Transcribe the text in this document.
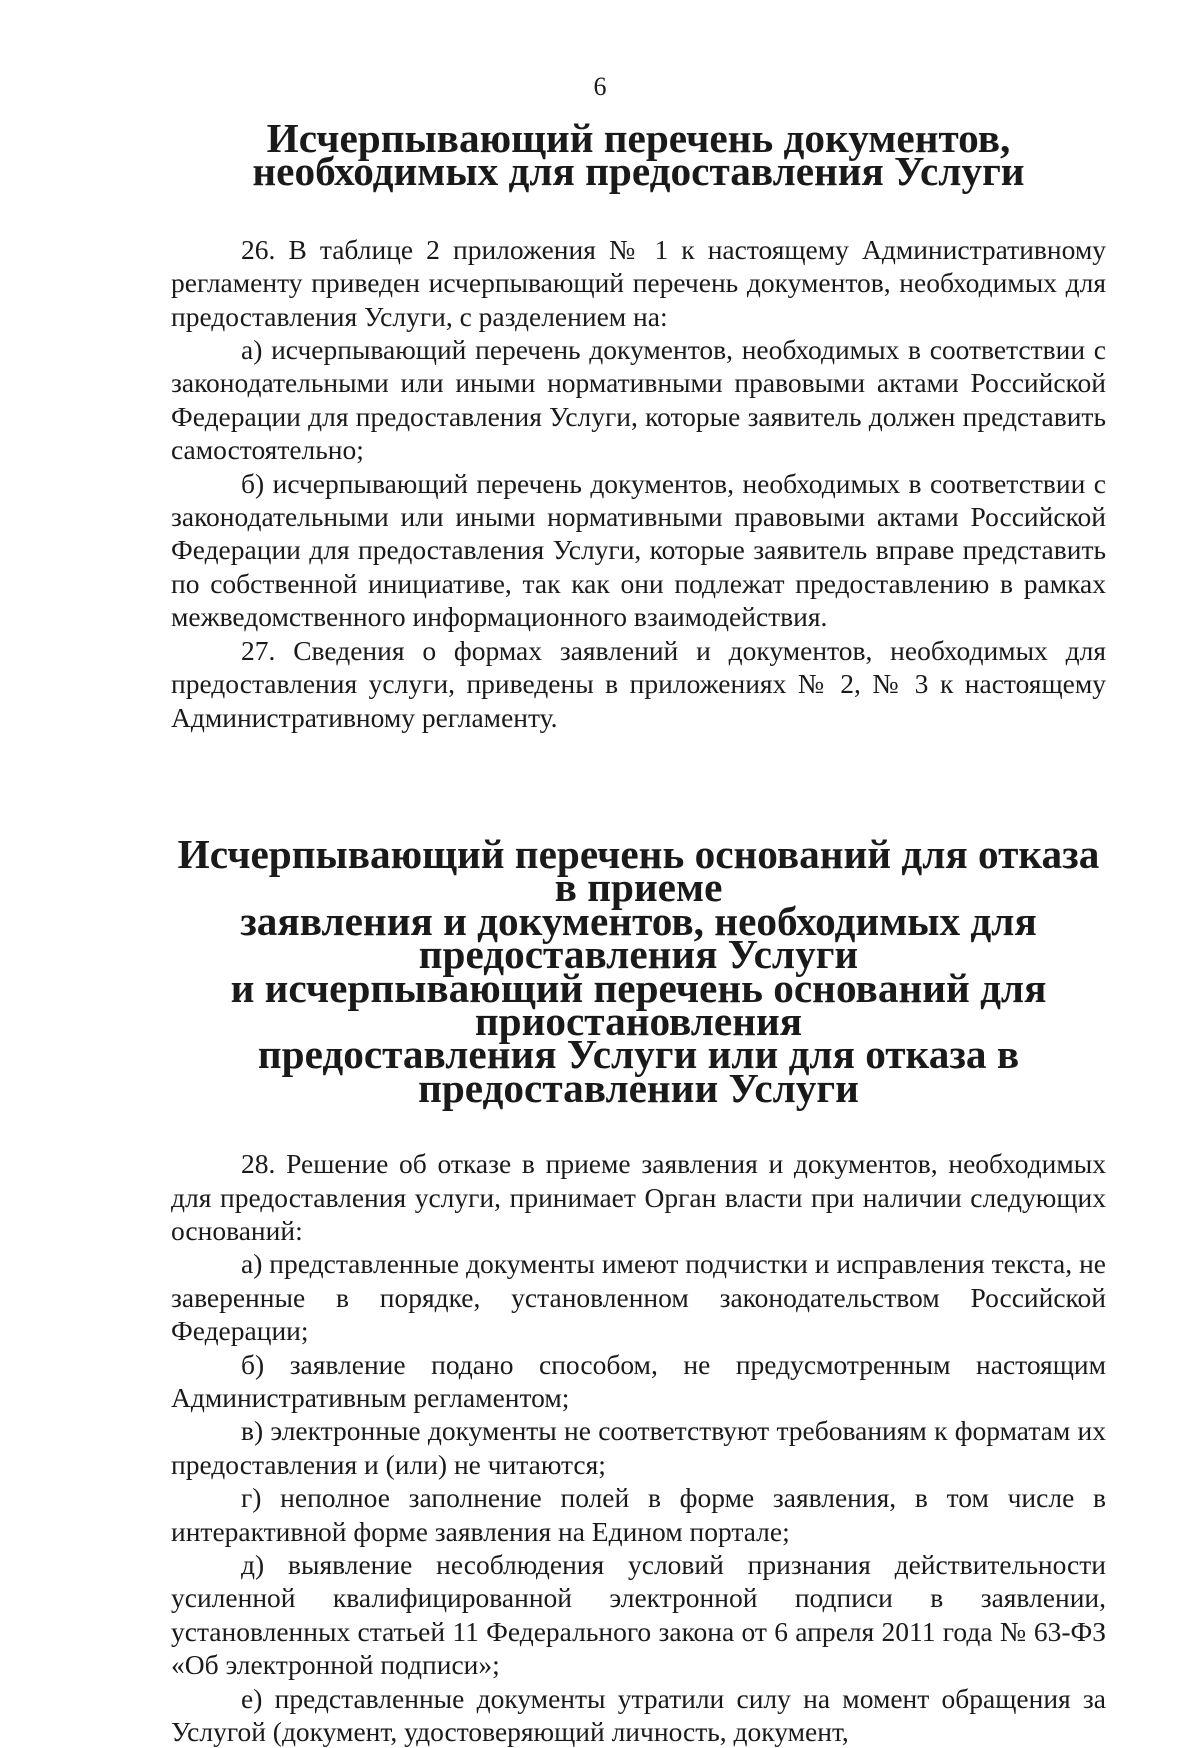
6
Исчерпывающий перечень документов,
необходимых для предоставления Услуги

26. В таблице 2 приложения № 1 к настоящему Административному регламенту приведен исчерпывающий перечень документов, необходимых для предоставления Услуги, с разделением на:

а) исчерпывающий перечень документов, необходимых в соответствии с законодательными или иными нормативными правовыми актами Российской Федерации для предоставления Услуги, которые заявитель должен представить самостоятельно;

б) исчерпывающий перечень документов, необходимых в соответствии с законодательными или иными нормативными правовыми актами Российской Федерации для предоставления Услуги, которые заявитель вправе представить по собственной инициативе, так как они подлежат предоставлению в рамках межведомственного информационного взаимодействия.

27. Сведения о формах заявлений и документов, необходимых для предоставления услуги, приведены в приложениях № 2, № 3 к настоящему Административному регламенту.

Исчерпывающий перечень оснований для отказа в приеме
заявления и документов, необходимых для предоставления Услуги
и исчерпывающий перечень оснований для приостановления
предоставления Услуги или для отказа в предоставлении Услуги

28. Решение об отказе в приеме заявления и документов, необходимых для предоставления услуги, принимает Орган власти при наличии следующих оснований:

а) представленные документы имеют подчистки и исправления текста, не заверенные в порядке, установленном законодательством Российской Федерации;

б) заявление подано способом, не предусмотренным настоящим Административным регламентом;

в) электронные документы не соответствуют требованиям к форматам их предоставления и (или) не читаются;

г) неполное заполнение полей в форме заявления, в том числе в интерактивной форме заявления на Едином портале;

д) выявление несоблюдения условий признания действительности усиленной квалифицированной электронной подписи в заявлении, установленных статьей 11 Федерального закона от 6 апреля 2011 года № 63-ФЗ «Об электронной подписи»;

е) представленные документы утратили силу на момент обращения за Услугой (документ, удостоверяющий личность, документ,
